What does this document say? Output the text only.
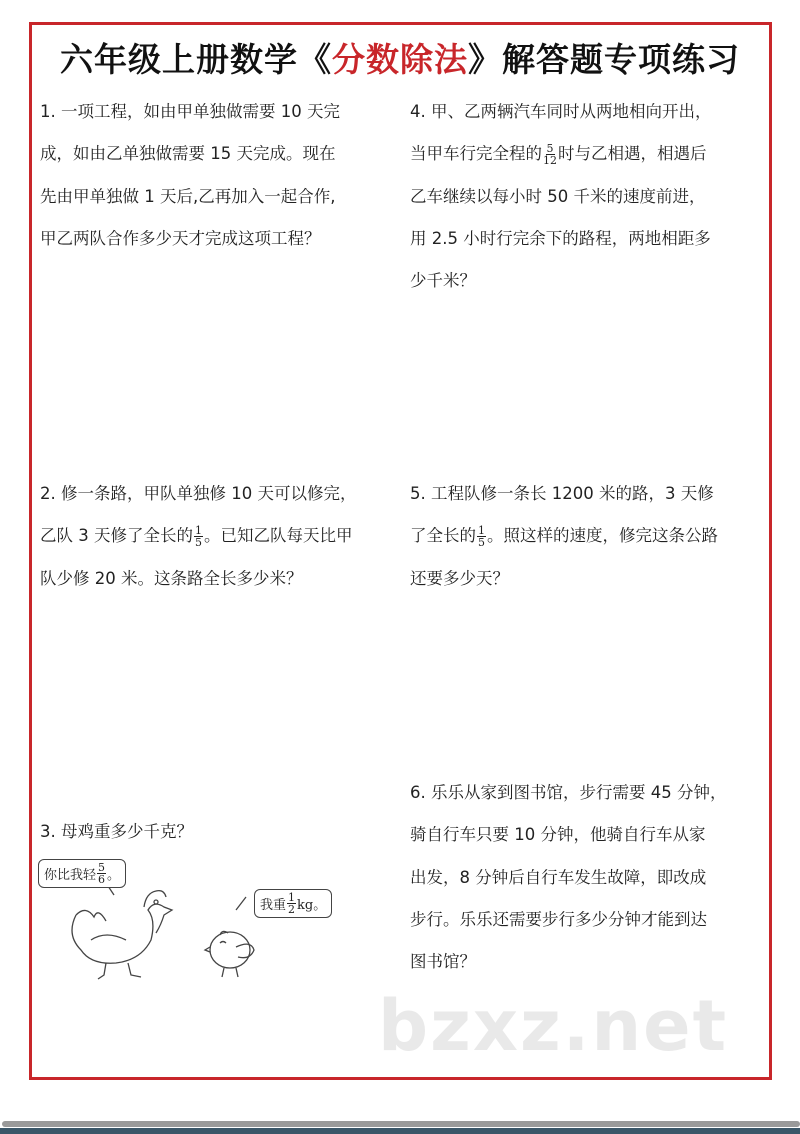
六年级上册数学《分数除法》解答题专项练习
1. 一项工程，如由甲单独做需要 10 天完
成，如由乙单独做需要 15 天完成。现在
先由甲单独做 1 天后,乙再加入一起合作,
甲乙两队合作多少天才完成这项工程？
4. 甲、乙两辆汽车同时从两地相向开出，
当甲车行完全程的 $\frac{5}{12}$ 时与乙相遇，相遇后
乙车继续以每小时 50 千米的速度前进，
用 2.5 小时行完余下的路程，两地相距多
少千米？
2. 修一条路，甲队单独修 10 天可以修完，
乙队 3 天修了全长的 $\frac{1}{5}$ 。已知乙队每天比甲
队少修 20 米。这条路全长多少米？
5. 工程队修一条长 1200 米的路，3 天修
了全长的 $\frac{1}{5}$ 。照这样的速度，修完这条公路
还要多少天？
3. 母鸡重多少千克？
6. 乐乐从家到图书馆，步行需要 45 分钟，
骑自行车只要 10 分钟，他骑自行车从家
出发，8 分钟后自行车发生故障，即改成
步行。乐乐还需要步行多少分钟才能到达
图书馆？
你比我轻 $\frac{5}{6}$ 。
我重 $\frac{1}{2}$ kg。
bzxz.net
